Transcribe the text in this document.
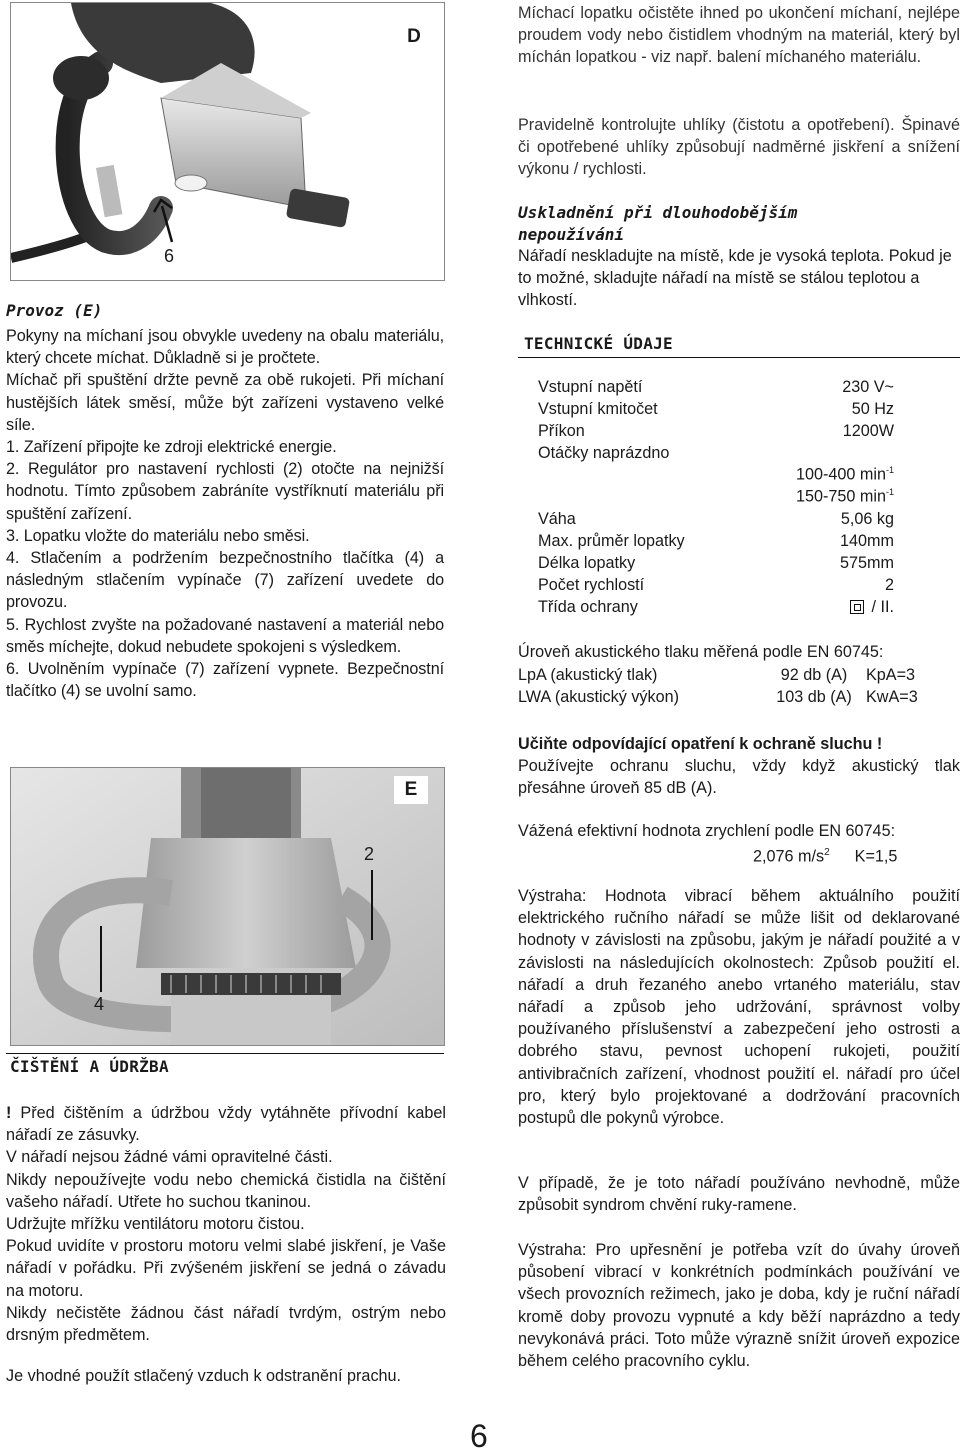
D
6
Provoz (E)
Pokyny na míchaní jsou obvykle uvedeny na obalu materiálu, který chcete míchat. Důkladně si je pročtete.
Míchač při spuštění držte pevně za obě rukojeti. Při míchaní hustějších látek směsí, může být zařízeni vystaveno velké síle.
1. Zařízení připojte ke zdroji elektrické energie.
2. Regulátor pro nastavení rychlosti (2) otočte na nejnižší hodnotu. Tímto způsobem zabráníte vystříknutí materiálu při spuštění zařízení.
3. Lopatku vložte do materiálu nebo směsi.
4. Stlačením a podržením bezpečnostního tlačítka (4) a následným stlačením vypínače (7) zařízení uvedete do provozu.
5. Rychlost zvyšte na požadované nastavení a materiál nebo směs míchejte, dokud nebudete spokojeni s výsledkem.
6. Uvolněním vypínače (7) zařízení vypnete. Bezpečnostní tlačítko (4) se uvolní samo.
E
2
4
ČIŠTĚNÍ A ÚDRŽBA
! Před čištěním a údržbou vždy vytáhněte přívodní kabel nářadí ze zásuvky.
V nářadí nejsou žádné vámi opravitelné části.
Nikdy nepoužívejte vodu nebo chemická čistidla na čištění vašeho nářadí. Utřete ho suchou tkaninou.
Udržujte mřížku ventilátoru motoru čistou.
Pokud uvidíte v prostoru motoru velmi slabé jiskření, je Vaše nářadí v pořádku. Při zvýšeném jiskření se jedná o závadu na motoru.
Nikdy nečistěte žádnou část nářadí tvrdým, ostrým nebo drsným předmětem.
Je vhodné použít stlačený vzduch k odstranění prachu.
Míchací lopatku očistěte ihned po ukončení míchaní, nejlépe proudem vody nebo čistidlem vhodným na materiál, který byl míchán lopatkou - viz např. balení míchaného materiálu.
Pravidelně kontrolujte uhlíky (čistotu a opotřebení). Špinavé či opotřebené uhlíky způsobují nadměrné jiskření a snížení výkonu / rychlosti.
Uskladnění při dlouhodobějším nepoužívání
Nářadí neskladujte na místě, kde je vysoká teplota. Pokud je to možné, skladujte nářadí na místě se stálou teplotou a vlhkostí.
TECHNICKÉ ÚDAJE
Vstupní napětí	230 V~
Vstupní kmitočet	50 Hz
Příkon	1200W
Otáčky naprázdno	
	100-400 $\min^{-1}$
	150-750 $\min^{-1}$
Váha	5,06 kg
Max. průměr lopatky	140mm
Délka lopatky	575mm
Počet rychlostí	2
Třída ochrany	/ II.
Úroveň akustického tlaku měřená podle EN 60745:
LpA (akustický tlak)	92 db (A)	KpA=3
LWA (akustický výkon)	103 db (A)	KwA=3
Učiňte odpovídající opatření k ochraně sluchu !
Používejte ochranu sluchu, vždy když akustický tlak přesáhne úroveň 85 dB (A).
Vážená efektivní hodnota zrychlení podle EN 60745:
2,076 $m/s^2$ K=1,5
Výstraha: Hodnota vibrací během aktuálního použití elektrického ručního nářadí se může lišit od deklarované hodnoty v závislosti na způsobu, jakým je nářadí použité a v závislosti na následujících okolnostech: Způsob použití el. nářadí a druh řezaného anebo vrtaného materiálu, stav nářadí a způsob jeho udržování, správnost volby používaného příslušenství a zabezpečení jeho ostrosti a dobrého stavu, pevnost uchopení rukojeti, použití antivibračních zařízení, vhodnost použití el. nářadí pro účel pro, který bylo projektované a dodržování pracovních postupů dle pokynů výrobce.
V případě, že je toto nářadí používáno nevhodně, může způsobit syndrom chvění ruky-ramene.
Výstraha: Pro upřesnění je potřeba vzít do úvahy úroveň působení vibrací v konkrétních podmínkách používání ve všech provozních režimech, jako je doba, kdy je ruční nářadí kromě doby provozu vypnuté a kdy běží naprázdno a tedy nevykonává práci. Toto může výrazně snížit úroveň expozice během celého pracovního cyklu.
6
